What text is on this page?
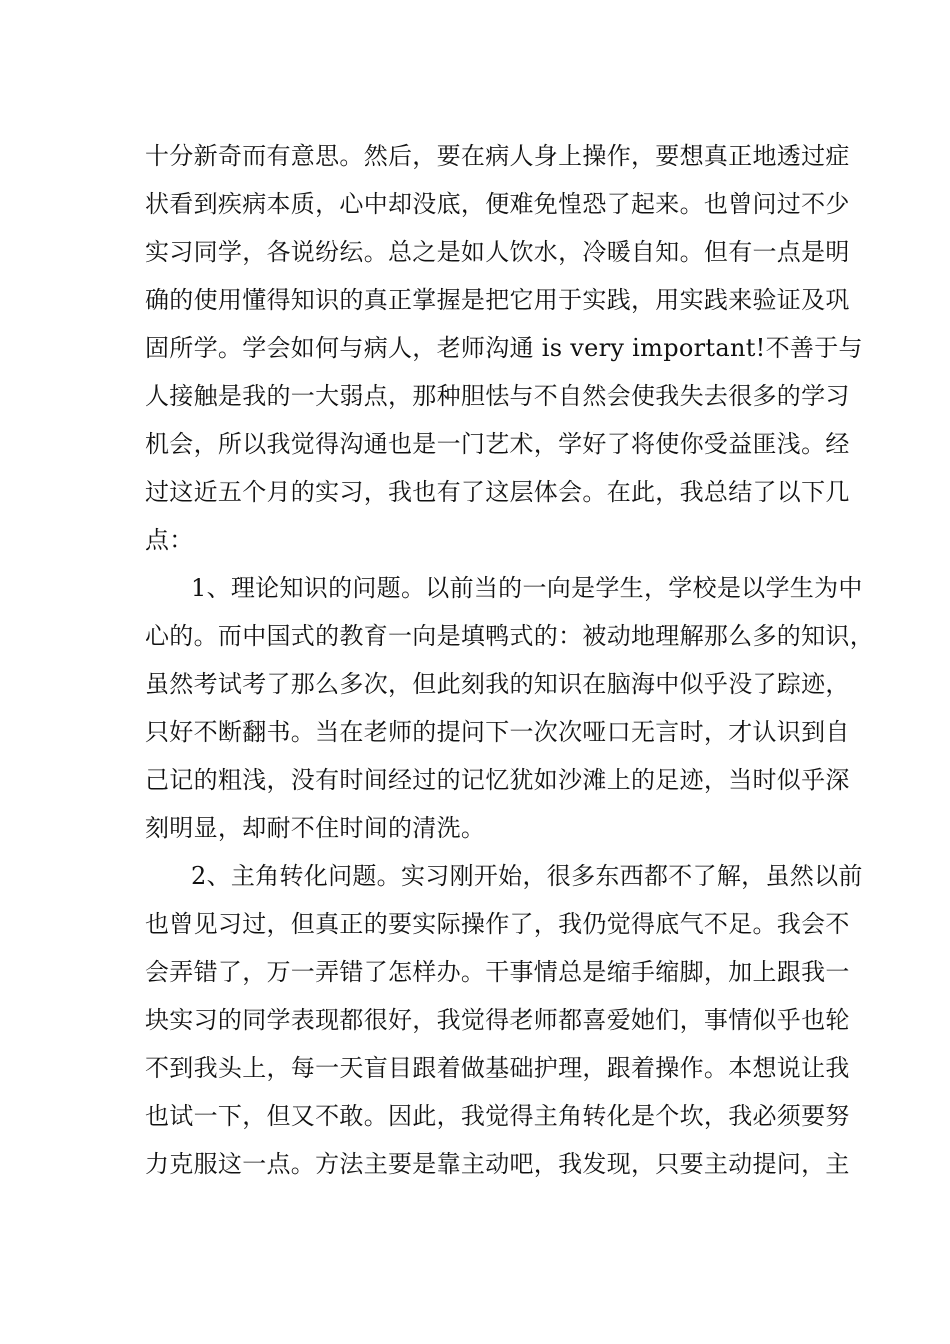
十分新奇而有意思。然后，要在病人身上操作，要想真正地透过症
状看到疾病本质，心中却没底，便难免惶恐了起来。也曾问过不少
实习同学，各说纷纭。总之是如人饮水，冷暖自知。但有一点是明
确的使用懂得知识的真正掌握是把它用于实践，用实践来验证及巩
固所学。学会如何与病人，老师沟通 is very important!不善于与
人接触是我的一大弱点，那种胆怯与不自然会使我失去很多的学习
机会，所以我觉得沟通也是一门艺术，学好了将使你受益匪浅。经
过这近五个月的实习，我也有了这层体会。在此，我总结了以下几
点：
1、理论知识的问题。以前当的一向是学生，学校是以学生为中
心的。而中国式的教育一向是填鸭式的：被动地理解那么多的知识，
虽然考试考了那么多次，但此刻我的知识在脑海中似乎没了踪迹，
只好不断翻书。当在老师的提问下一次次哑口无言时，才认识到自
己记的粗浅，没有时间经过的记忆犹如沙滩上的足迹，当时似乎深
刻明显，却耐不住时间的清洗。
2、主角转化问题。实习刚开始，很多东西都不了解，虽然以前
也曾见习过，但真正的要实际操作了，我仍觉得底气不足。我会不
会弄错了，万一弄错了怎样办。干事情总是缩手缩脚，加上跟我一
块实习的同学表现都很好，我觉得老师都喜爱她们，事情似乎也轮
不到我头上，每一天盲目跟着做基础护理，跟着操作。本想说让我
也试一下，但又不敢。因此，我觉得主角转化是个坎，我必须要努
力克服这一点。方法主要是靠主动吧，我发现，只要主动提问，主
